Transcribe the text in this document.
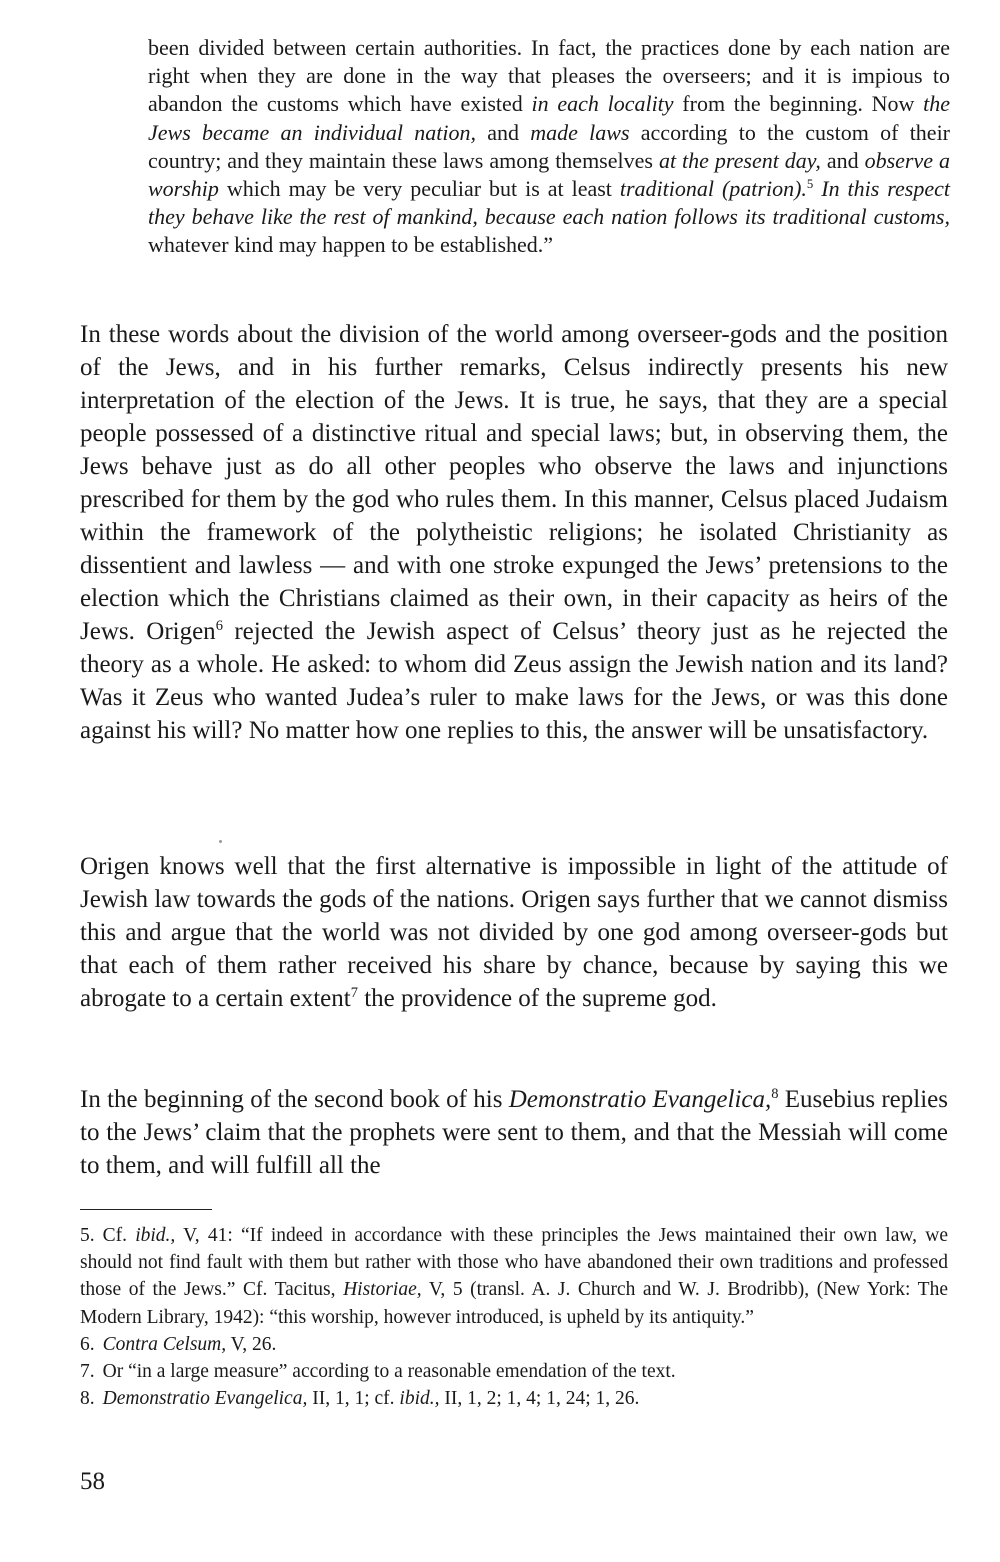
been divided between certain authorities. In fact, the practices done by each nation are right when they are done in the way that pleases the overseers; and it is impious to abandon the customs which have existed in each locality from the beginning. Now the Jews became an individual nation, and made laws according to the custom of their country; and they maintain these laws among themselves at the present day, and observe a worship which may be very peculiar but is at least traditional (patrion).$^5$ In this respect they behave like the rest of mankind, because each nation follows its traditional customs, whatever kind may happen to be established.”
In these words about the division of the world among overseer-gods and the position of the Jews, and in his further remarks, Celsus indirectly presents his new interpretation of the election of the Jews. It is true, he says, that they are a special people possessed of a distinctive ritual and special laws; but, in observing them, the Jews behave just as do all other peoples who observe the laws and injunctions prescribed for them by the god who rules them. In this manner, Celsus placed Judaism within the framework of the polytheistic religions; he isolated Christianity as dissentient and lawless — and with one stroke expunged the Jews’ pretensions to the election which the Christians claimed as their own, in their capacity as heirs of the Jews. Origen$^6$ rejected the Jewish aspect of Celsus’ theory just as he rejected the theory as a whole. He asked: to whom did Zeus assign the Jewish nation and its land? Was it Zeus who wanted Judea’s ruler to make laws for the Jews, or was this done against his will? No matter how one replies to this, the answer will be unsatisfactory.
Origen knows well that the first alternative is impossible in light of the attitude of Jewish law towards the gods of the nations. Origen says further that we cannot dismiss this and argue that the world was not divided by one god among overseer-gods but that each of them rather received his share by chance, because by saying this we abrogate to a certain extent$^7$ the providence of the supreme god.
In the beginning of the second book of his Demonstratio Evangelica,$^8$ Eusebius replies to the Jews’ claim that the prophets were sent to them, and that the Messiah will come to them, and will fulfill all the

5. Cf. ibid., V, 41: “If indeed in accordance with these principles the Jews maintained their own law, we should not find fault with them but rather with those who have abandoned their own traditions and professed those of the Jews.” Cf. Tacitus, Historiae, V, 5 (transl. A. J. Church and W. J. Brodribb), (New York: The Modern Library, 1942): “this worship, however introduced, is upheld by its antiquity.”

6. Contra Celsum, V, 26.

7. Or “in a large measure” according to a reasonable emendation of the text.

8. Demonstratio Evangelica, II, 1, 1; cf. ibid., II, 1, 2; 1, 4; 1, 24; 1, 26.

58
